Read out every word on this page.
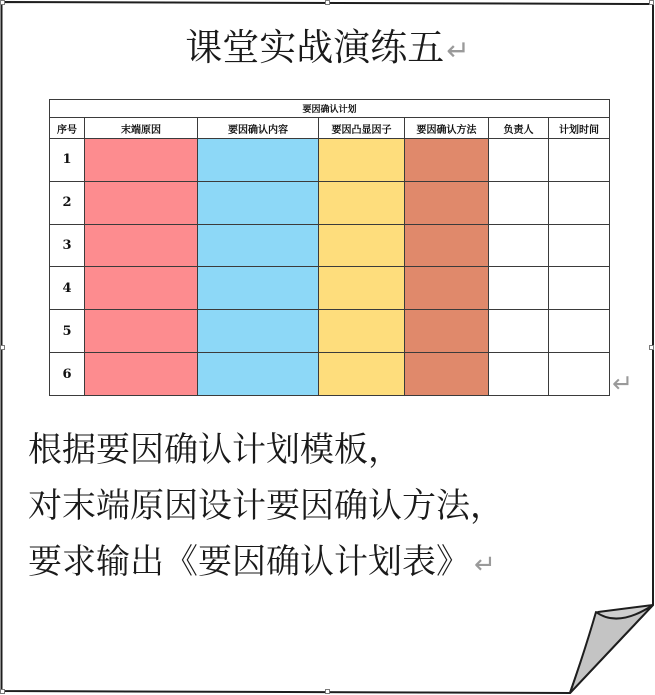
课堂实战演练五↵
要因确认计划						
序号	末端原因	要因确认内容	要因凸显因子	要因确认方法	负责人	计划时间
1						
2						
3						
4						
5						
6							↵
根据要因确认计划模板，
对末端原因设计要因确认方法，
要求输出《要因确认计划表》 ↵
